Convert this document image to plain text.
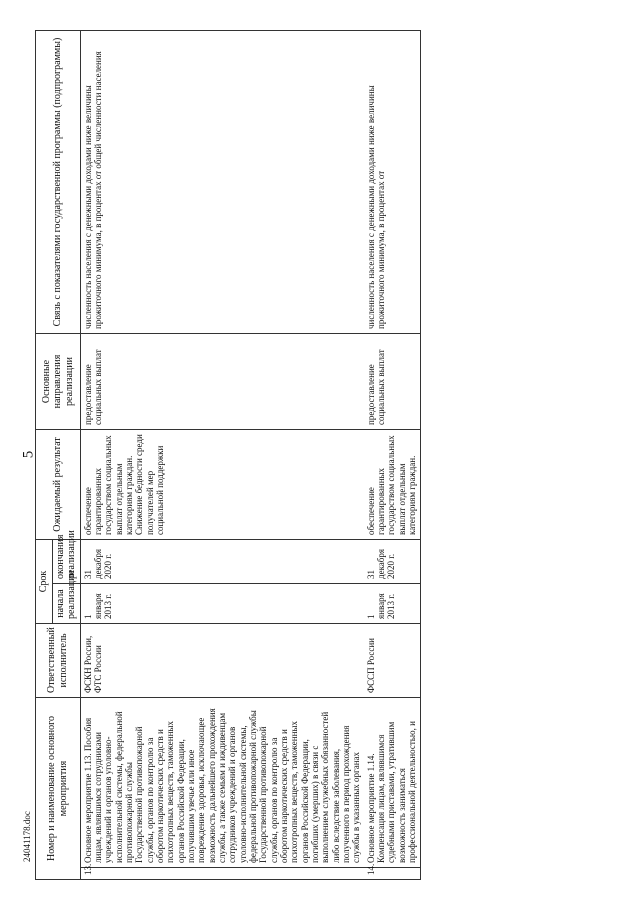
5
Номер и наименование основного мероприятия		Ответственный исполнитель	Срок		Ожидаемый результат	Основные направления реализации	Связь с показателями государственной программы (подпрограммы)
			начала реализации	окончания реализации			
13.	Основное мероприятие 1.13. Пособия лицам, являвшимся сотрудниками учреждений и органов уголовно-исполнительной системы, федеральной противопожарной службы Государственной противопожарной службы, органов по контролю за оборотом наркотических средств и психотропных веществ, таможенных органов Российской Федерации, получившим увечье или иное повреждение здоровья, исключающее возможность дальнейшего прохождения службы, а также семьям и иждивенцам сотрудников учреждений и органов уголовно-исполнительной системы, федеральной противопожарной службы Государственной противопожарной службы, органов по контролю за оборотом наркотических средств и психотропных веществ, таможенных органов Российской Федерации, погибших (умерших) в связи с выполнением служебных обязанностей либо вследствие заболевания, полученного в период прохождения службы в указанных органах	ФСКН России, ФТС России	1 января 2013 г.	31 декабря 2020 г.	обеспечение гарантированных государством социальных выплат отдельным категориям граждан. Снижение бедности среди получателей мер социальной поддержки	предоставление социальных выплат	численность населения с денежными доходами ниже величины прожиточного минимума, в процентах от общей численности населения
14.	Основное мероприятие 1.14. Компенсация лицам, являвшимся судебными приставами, утратившим возможность заниматься профессиональной деятельностью, и	ФССП России	1 января 2013 г.	31 декабря 2020 г.	обеспечение гарантированных государством социальных выплат отдельным категориям граждан.	предоставление социальных выплат	численность населения с денежными доходами ниже величины прожиточного минимума, в процентах от
24041178.doc
